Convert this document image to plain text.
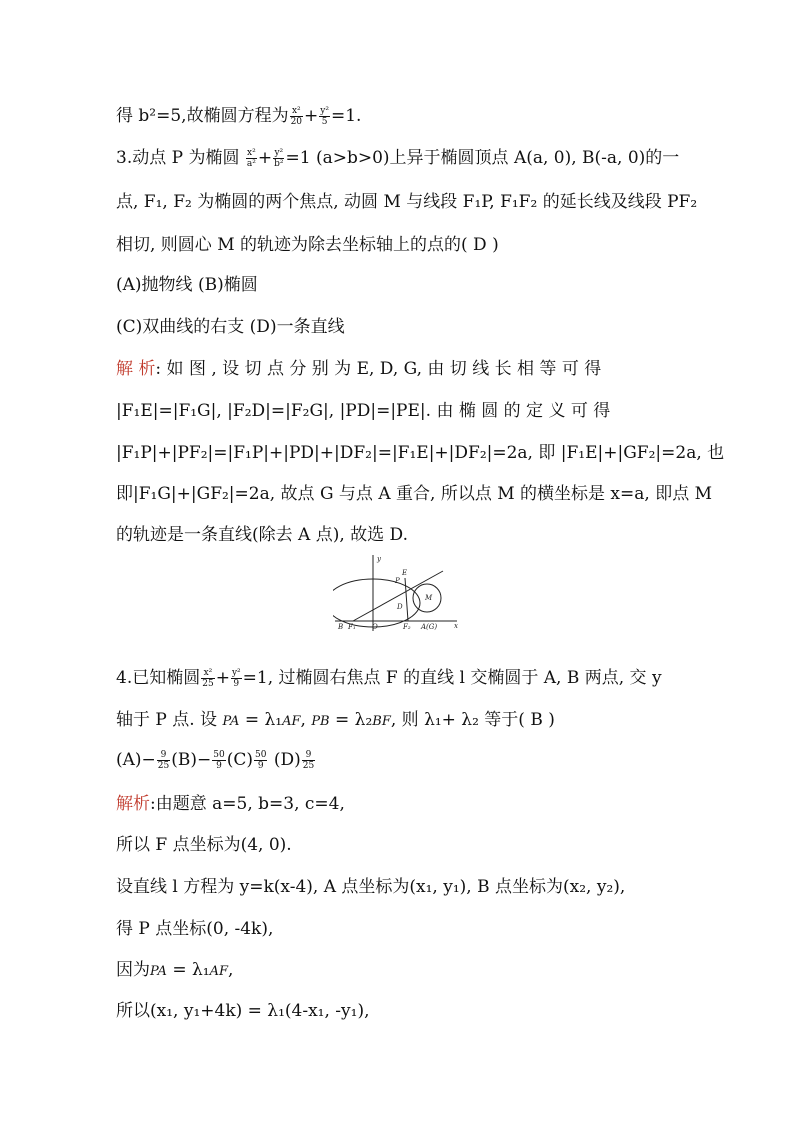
得 b²=5,故椭圆方程为 $\frac{\text{x²}}{20} + \frac{\text{y²}}{5} =1$.
3.动点 P 为椭圆 $\frac{\text{x²}}{\text{a²}} + \frac{\text{y²}}{\text{b²}} =1$ (a>b>0)上异于椭圆顶点 A(a, 0), B(-a, 0)的一
点, F₁, F₂ 为椭圆的两个焦点, 动圆 M 与线段 F₁P, F₁F₂ 的延长线及线段 PF₂
相切, 则圆心 M 的轨迹为除去坐标轴上的点的( D )
(A)抛物线 (B)椭圆
(C)双曲线的右支 (D)一条直线
解 析: 如 图 , 设 切 点 分 别 为 E, D, G, 由 切 线 长 相 等 可 得
|F₁E|=|F₁G|, |F₂D|=|F₂G|, |PD|=|PE|. 由 椭 圆 的 定 义 可 得
|F₁P|+|PF₂|=|F₁P|+|PD|+|DF₂|=|F₁E|+|DF₂|=2a, 即 |F₁E|+|GF₂|=2a, 也
即|F₁G|+|GF₂|=2a, 故点 G 与点 A 重合, 所以点 M 的横坐标是 x=a, 即点 M
的轨迹是一条直线(除去 A 点), 故选 D.
y
x
P
E
M
D
B F₁ O	F₂ A(G)
4.已知椭圆 $\frac{\text{x²}}{25} + \frac{\text{y²}}{9} =1$, 过椭圆右焦点 F 的直线 l 交椭圆于 A, B 两点, 交 y
轴于 P 点. 设 PA = λ₁AF, PB = λ₂BF, 则 λ₁+ λ₂ 等于( B )
$(A)- \frac{9}{25} (B)- \frac{50}{9} (C) \frac{50}{9} (D) \frac{9}{25}$
解析:由题意 a=5, b=3, c=4,
所以 F 点坐标为(4, 0).
设直线 l 方程为 y=k(x-4), A 点坐标为(x₁, y₁), B 点坐标为(x₂, y₂),
得 P 点坐标(0, -4k),
因为PA = λ₁AF,
所以(x₁, y₁+4k) = λ₁(4-x₁, -y₁),
